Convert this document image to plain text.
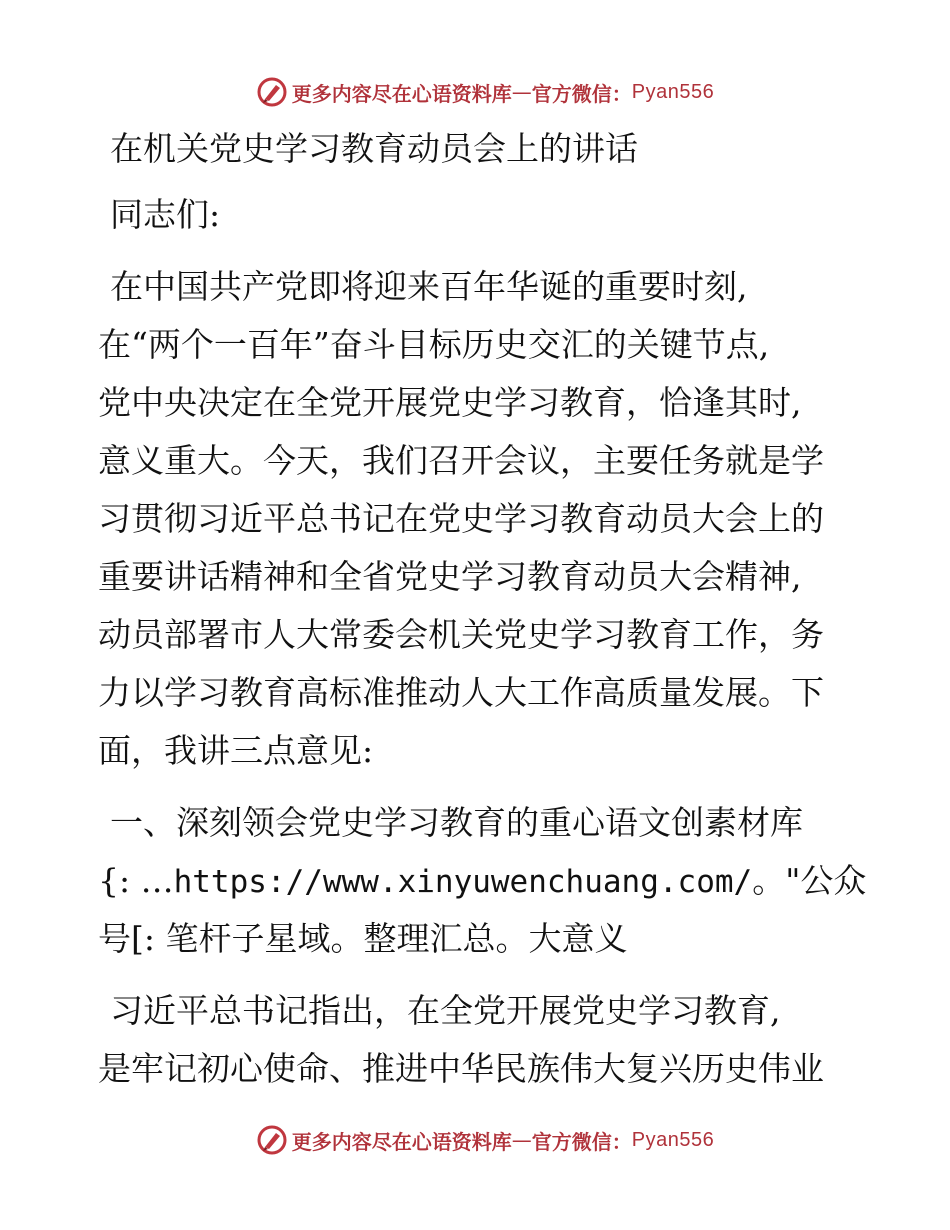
更多内容尽在心语资料库 — 官方微信： Pyan556
在机关党史学习教育动员会上的讲话
同志们:
在中国共产党即将迎来百年华诞的重要时刻,
在“两个一百年”奋斗目标历史交汇的关键节点,
党中央决定在全党开展党史学习教育，恰逢其时,
意义重大。今天，我们召开会议，主要任务就是学
习贯彻习近平总书记在党史学习教育动员大会上的
重要讲话精神和全省党史学习教育动员大会精神,
动员部署市人大常委会机关党史学习教育工作，务
力以学习教育高标准推动人大工作高质量发展。下
面，我讲三点意见:
一、深刻领会党史学习教育的重心语文创素材库
{: …https://www.xinyuwenchuang.com/。"公众
号[: 笔杆子星域。整理汇总。大意义
习近平总书记指出，在全党开展党史学习教育,
是牢记初心使命、推进中华民族伟大复兴历史伟业
更多内容尽在心语资料库 — 官方微信： Pyan556
